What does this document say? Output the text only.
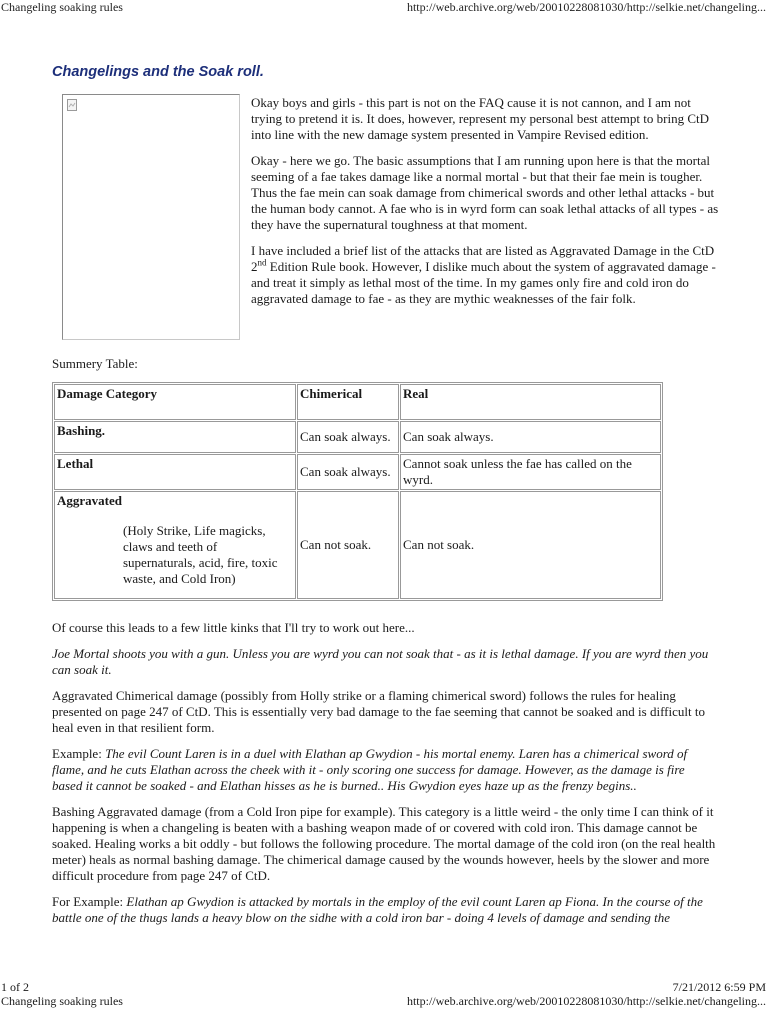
Changeling soaking rules	http://web.archive.org/web/20010228081030/http://selkie.net/changeling...
Changelings and the Soak roll.

Okay boys and girls - this part is not on the FAQ cause it is not cannon, and I am not trying to pretend it is. It does, however, represent my personal best attempt to bring CtD into line with the new damage system presented in Vampire Revised edition.

Okay - here we go. The basic assumptions that I am running upon here is that the mortal seeming of a fae takes damage like a normal mortal - but that their fae mein is tougher. Thus the fae mein can soak damage from chimerical swords and other lethal attacks - but the human body cannot. A fae who is in wyrd form can soak lethal attacks of all types - as they have the supernatural toughness at that moment.

I have included a brief list of the attacks that are listed as Aggravated Damage in the CtD 2nd Edition Rule book. However, I dislike much about the system of aggravated damage - and treat it simply as lethal most of the time. In my games only fire and cold iron do aggravated damage to fae - as they are mythic weaknesses of the fair folk.

Summery Table:
Damage Category	Chimerical	Real
Bashing.	Can soak always.	Can soak always.
Lethal	Can soak always.	Cannot soak unless the fae has called on the wyrd.

Aggravated
(Holy Strike, Life magicks, claws and teeth of supernaturals, acid, fire, toxic waste, and Cold Iron)	Can not soak.	Can not soak.

Of course this leads to a few little kinks that I'll try to work out here...

Joe Mortal shoots you with a gun. Unless you are wyrd you can not soak that - as it is lethal damage. If you are wyrd then you can soak it.

Aggravated Chimerical damage (possibly from Holly strike or a flaming chimerical sword) follows the rules for healing presented on page 247 of CtD. This is essentially very bad damage to the fae seeming that cannot be soaked and is difficult to heal even in that resilient form.

Example: The evil Count Laren is in a duel with Elathan ap Gwydion - his mortal enemy. Laren has a chimerical sword of flame, and he cuts Elathan across the cheek with it - only scoring one success for damage. However, as the damage is fire based it cannot be soaked - and Elathan hisses as he is burned.. His Gwydion eyes haze up as the frenzy begins..

Bashing Aggravated damage (from a Cold Iron pipe for example). This category is a little weird - the only time I can think of it happening is when a changeling is beaten with a bashing weapon made of or covered with cold iron. This damage cannot be soaked. Healing works a bit oddly - but follows the following procedure. The mortal damage of the cold iron (on the real health meter) heals as normal bashing damage. The chimerical damage caused by the wounds however, heels by the slower and more difficult procedure from page 247 of CtD.

For Example: Elathan ap Gwydion is attacked by mortals in the employ of the evil count Laren ap Fiona. In the course of the battle one of the thugs lands a heavy blow on the sidhe with a cold iron bar - doing 4 levels of damage and sending the

1 of 2	7/21/2012 6:59 PM
Changeling soaking rules	http://web.archive.org/web/20010228081030/http://selkie.net/changeling...
